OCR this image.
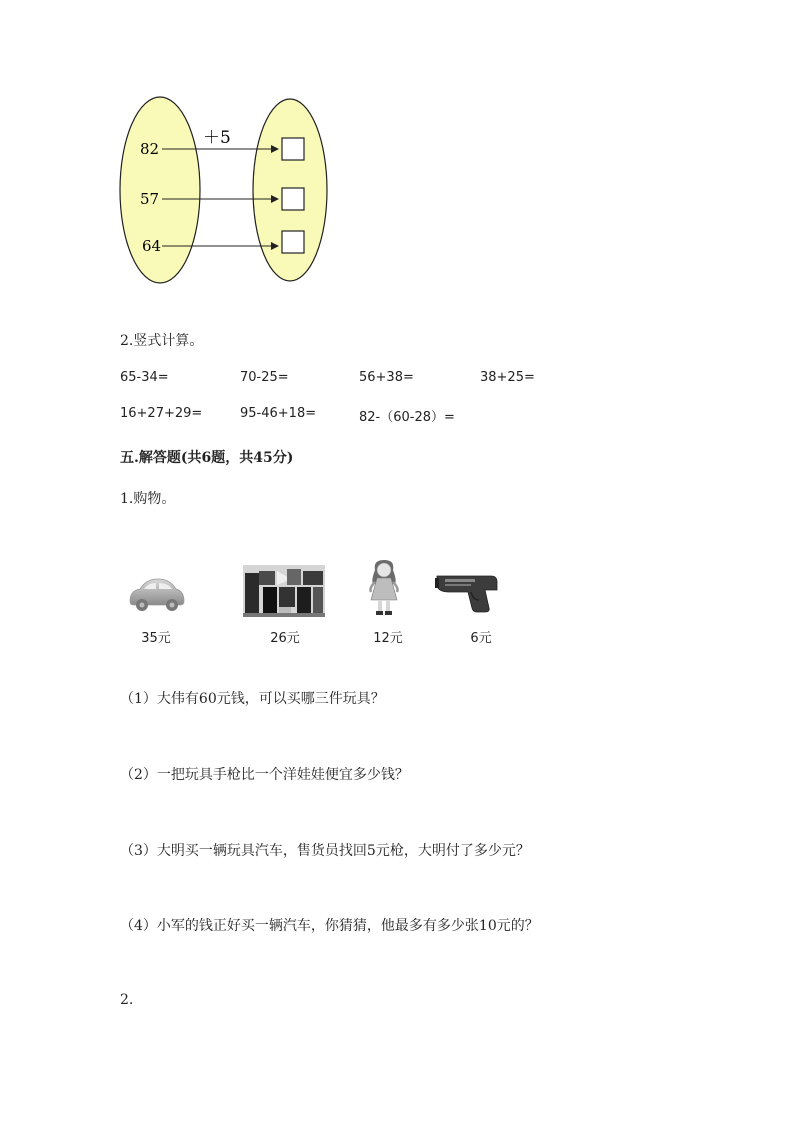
＋5
82
57
64
2.竖式计算。
65-34=	70-25=	56+38=	38+25=
16+27+29=	95-46+18=	82-（60-28）=
五.解答题(共6题，共45分)
1.购物。
35元	26元	12元	6元
（1）大伟有60元钱，可以买哪三件玩具？
（2）一把玩具手枪比一个洋娃娃便宜多少钱？
（3）大明买一辆玩具汽车，售货员找回5元枪，大明付了多少元？
（4）小军的钱正好买一辆汽车，你猜猜，他最多有多少张10元的？
2.
